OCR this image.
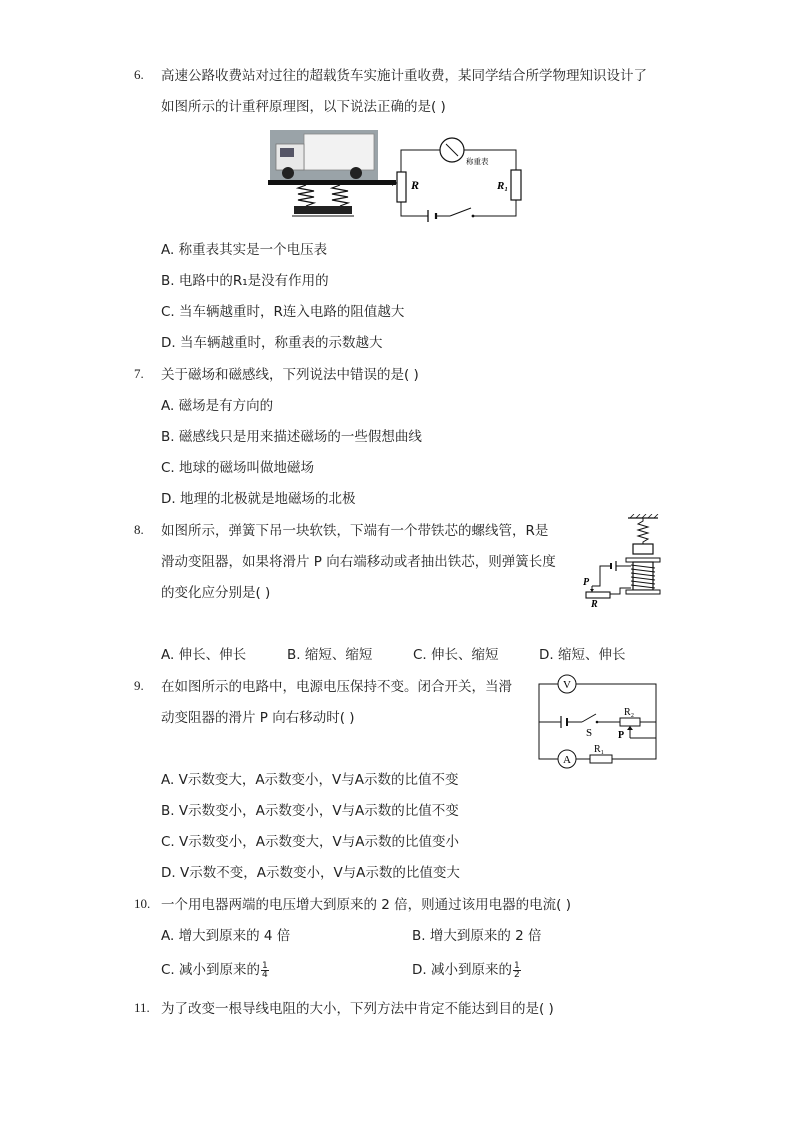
6. 高速公路收费站对过往的超载货车实施计重收费，某同学结合所学物理知识设计了
如图所示的计重秤原理图，以下说法正确的是( )
R
称重表
R₁
A. 称重表其实是一个电压表
B. 电路中的R₁是没有作用的
C. 当车辆越重时，R连入电路的阻值越大
D. 当车辆越重时，称重表的示数越大
7. 关于磁场和磁感线，下列说法中错误的是( )
A. 磁场是有方向的
B. 磁感线只是用来描述磁场的一些假想曲线
C. 地球的磁场叫做地磁场
D. 地理的北极就是地磁场的北极
8. 如图所示，弹簧下吊一块软铁，下端有一个带铁芯的螺线管，R是
滑动变阻器，如果将滑片 P 向右端移动或者抽出铁芯，则弹簧长度
的变化应分别是( )
P
R
A. 伸长、伸长	B. 缩短、缩短	C. 伸长、缩短	D. 缩短、伸长
9. 在如图所示的电路中，电源电压保持不变。闭合开关，当滑
动变阻器的滑片 P 向右移动时( )
V
S
R₂
P
A
R₁
A. V示数变大，A示数变小，V与A示数的比值不变
B. V示数变小，A示数变小，V与A示数的比值不变
C. V示数变小，A示数变大，V与A示数的比值变小
D. V示数不变，A示数变小，V与A示数的比值变大
10. 一个用电器两端的电压增大到原来的 2 倍，则通过该用电器的电流( )
A. 增大到原来的 4 倍	B. 增大到原来的 2 倍
C. 减小到原来的 $\frac{1}{4}$	D. 减小到原来的 $\frac{1}{2}$
11. 为了改变一根导线电阻的大小，下列方法中肯定不能达到目的是( )
